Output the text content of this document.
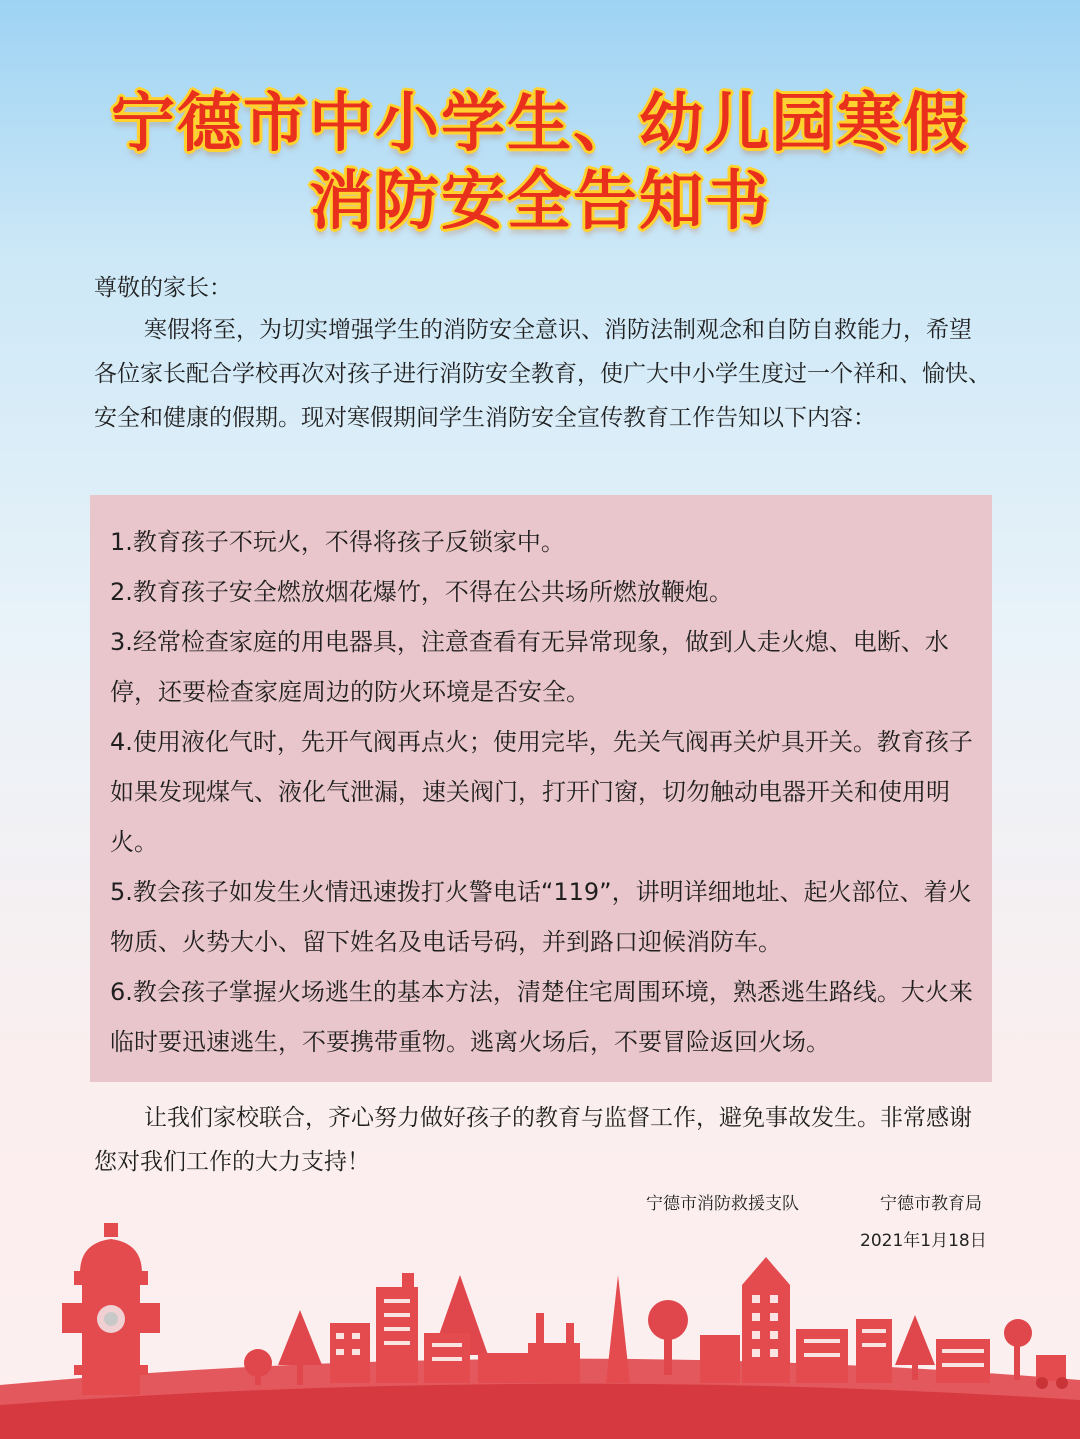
宁德市中小学生、幼儿园寒假
消防安全告知书

尊敬的家长：

寒假将至，为切实增强学生的消防安全意识、消防法制观念和自防自救能力，希望各位家长配合学校再次对孩子进行消防安全教育，使广大中小学生度过一个祥和、愉快、安全和健康的假期。现对寒假期间学生消防安全宣传教育工作告知以下内容：

1.教育孩子不玩火，不得将孩子反锁家中。

2.教育孩子安全燃放烟花爆竹，不得在公共场所燃放鞭炮。

3.经常检查家庭的用电器具，注意查看有无异常现象，做到人走火熄、电断、水停，还要检查家庭周边的防火环境是否安全。

4.使用液化气时，先开气阀再点火；使用完毕，先关气阀再关炉具开关。教育孩子如果发现煤气、液化气泄漏，速关阀门，打开门窗，切勿触动电器开关和使用明火。

5.教会孩子如发生火情迅速拨打火警电话“119”，讲明详细地址、起火部位、着火物质、火势大小、留下姓名及电话号码，并到路口迎候消防车。

6.教会孩子掌握火场逃生的基本方法，清楚住宅周围环境，熟悉逃生路线。大火来临时要迅速逃生，不要携带重物。逃离火场后，不要冒险返回火场。

让我们家校联合，齐心努力做好孩子的教育与监督工作，避免事故发生。非常感谢您对我们工作的大力支持！

宁德市消防救援支队	宁德市教育局

2021年1月18日
